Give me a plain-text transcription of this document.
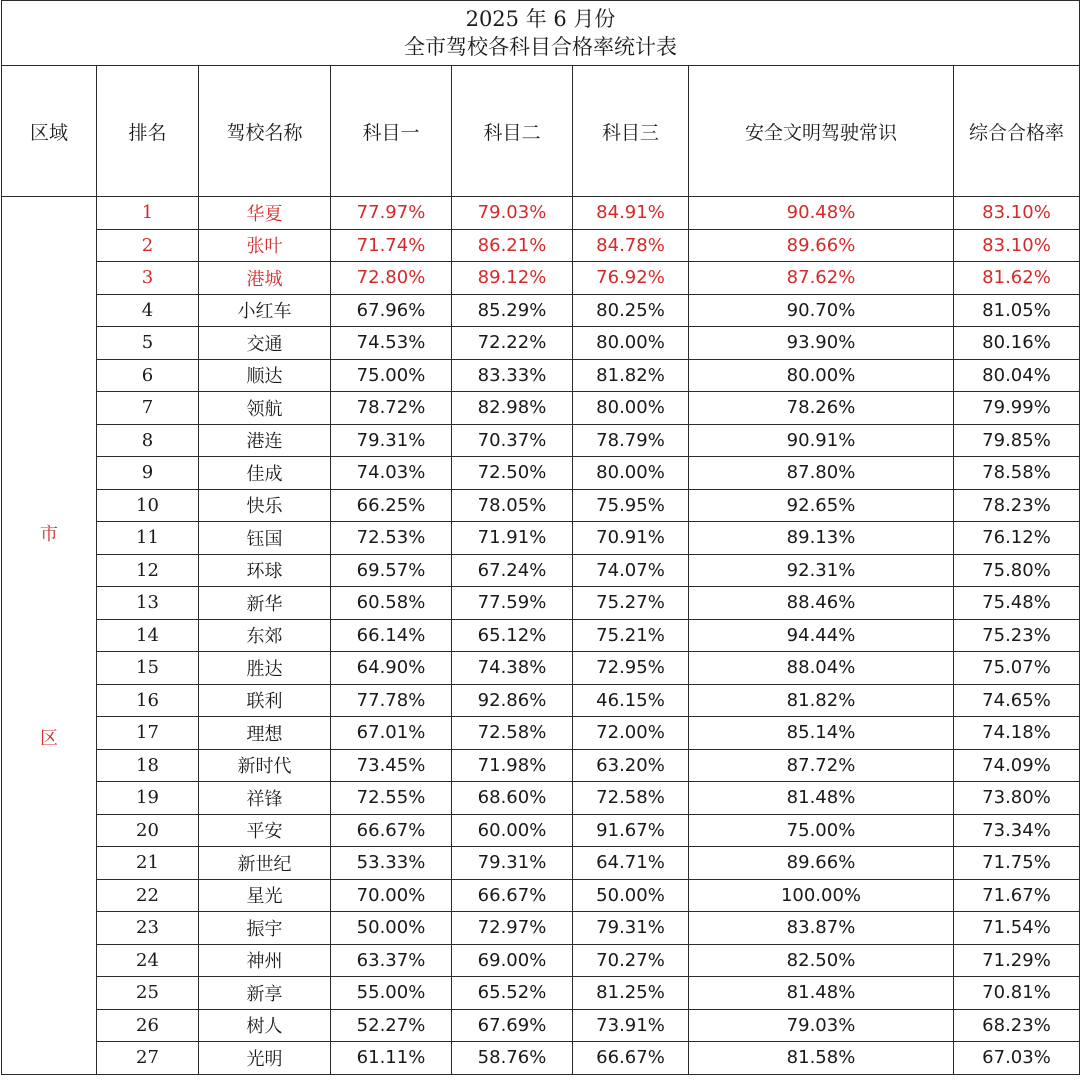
2025 年 6 月份
全市驾校各科目合格率统计表							

区域	排名	驾校名称	科目一	科目二	科目三	安全文明驾驶常识	综合合格率

市
区	1	华夏	77.97%	79.03%	84.91%	90.48%	83.10%
	2	张叶	71.74%	86.21%	84.78%	89.66%	83.10%
	3	港城	72.80%	89.12%	76.92%	87.62%	81.62%
	4	小红车	67.96%	85.29%	80.25%	90.70%	81.05%
	5	交通	74.53%	72.22%	80.00%	93.90%	80.16%
	6	顺达	75.00%	83.33%	81.82%	80.00%	80.04%
	7	领航	78.72%	82.98%	80.00%	78.26%	79.99%
	8	港连	79.31%	70.37%	78.79%	90.91%	79.85%
	9	佳成	74.03%	72.50%	80.00%	87.80%	78.58%
	10	快乐	66.25%	78.05%	75.95%	92.65%	78.23%
	11	钰国	72.53%	71.91%	70.91%	89.13%	76.12%
	12	环球	69.57%	67.24%	74.07%	92.31%	75.80%
	13	新华	60.58%	77.59%	75.27%	88.46%	75.48%
	14	东郊	66.14%	65.12%	75.21%	94.44%	75.23%
	15	胜达	64.90%	74.38%	72.95%	88.04%	75.07%
	16	联利	77.78%	92.86%	46.15%	81.82%	74.65%
	17	理想	67.01%	72.58%	72.00%	85.14%	74.18%
	18	新时代	73.45%	71.98%	63.20%	87.72%	74.09%
	19	祥锋	72.55%	68.60%	72.58%	81.48%	73.80%
	20	平安	66.67%	60.00%	91.67%	75.00%	73.34%
	21	新世纪	53.33%	79.31%	64.71%	89.66%	71.75%
	22	星光	70.00%	66.67%	50.00%	100.00%	71.67%
	23	振宇	50.00%	72.97%	79.31%	83.87%	71.54%
	24	神州	63.37%	69.00%	70.27%	82.50%	71.29%
	25	新享	55.00%	65.52%	81.25%	81.48%	70.81%
	26	树人	52.27%	67.69%	73.91%	79.03%	68.23%
	27	光明	61.11%	58.76%	66.67%	81.58%	67.03%
